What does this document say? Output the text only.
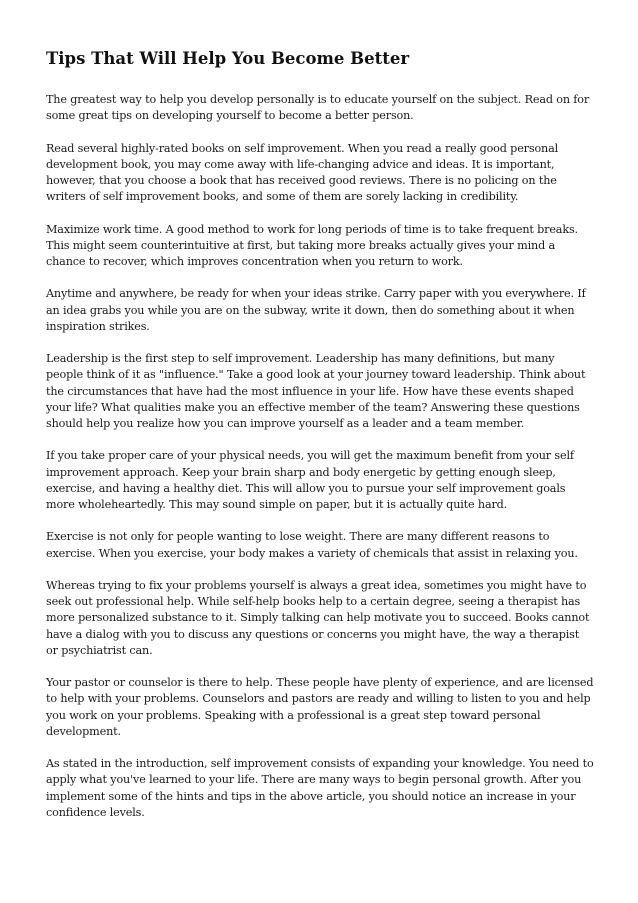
Tips That Will Help You Become Better

The greatest way to help you develop personally is to educate yourself on the subject. Read on for some great tips on developing yourself to become a better person.

Read several highly-rated books on self improvement. When you read a really good personal development book, you may come away with life-changing advice and ideas. It is important, however, that you choose a book that has received good reviews. There is no policing on the writers of self improvement books, and some of them are sorely lacking in credibility.

Maximize work time. A good method to work for long periods of time is to take frequent breaks. This might seem counterintuitive at first, but taking more breaks actually gives your mind a chance to recover, which improves concentration when you return to work.

Anytime and anywhere, be ready for when your ideas strike. Carry paper with you everywhere. If an idea grabs you while you are on the subway, write it down, then do something about it when inspiration strikes.

Leadership is the first step to self improvement. Leadership has many definitions, but many people think of it as "influence." Take a good look at your journey toward leadership. Think about the circumstances that have had the most influence in your life. How have these events shaped your life? What qualities make you an effective member of the team? Answering these questions should help you realize how you can improve yourself as a leader and a team member.

If you take proper care of your physical needs, you will get the maximum benefit from your self improvement approach. Keep your brain sharp and body energetic by getting enough sleep, exercise, and having a healthy diet. This will allow you to pursue your self improvement goals more wholeheartedly. This may sound simple on paper, but it is actually quite hard.

Exercise is not only for people wanting to lose weight. There are many different reasons to exercise. When you exercise, your body makes a variety of chemicals that assist in relaxing you.

Whereas trying to fix your problems yourself is always a great idea, sometimes you might have to seek out professional help. While self-help books help to a certain degree, seeing a therapist has more personalized substance to it. Simply talking can help motivate you to succeed. Books cannot have a dialog with you to discuss any questions or concerns you might have, the way a therapist or psychiatrist can.

Your pastor or counselor is there to help. These people have plenty of experience, and are licensed to help with your problems. Counselors and pastors are ready and willing to listen to you and help you work on your problems. Speaking with a professional is a great step toward personal development.

As stated in the introduction, self improvement consists of expanding your knowledge. You need to apply what you've learned to your life. There are many ways to begin personal growth. After you implement some of the hints and tips in the above article, you should notice an increase in your confidence levels.
